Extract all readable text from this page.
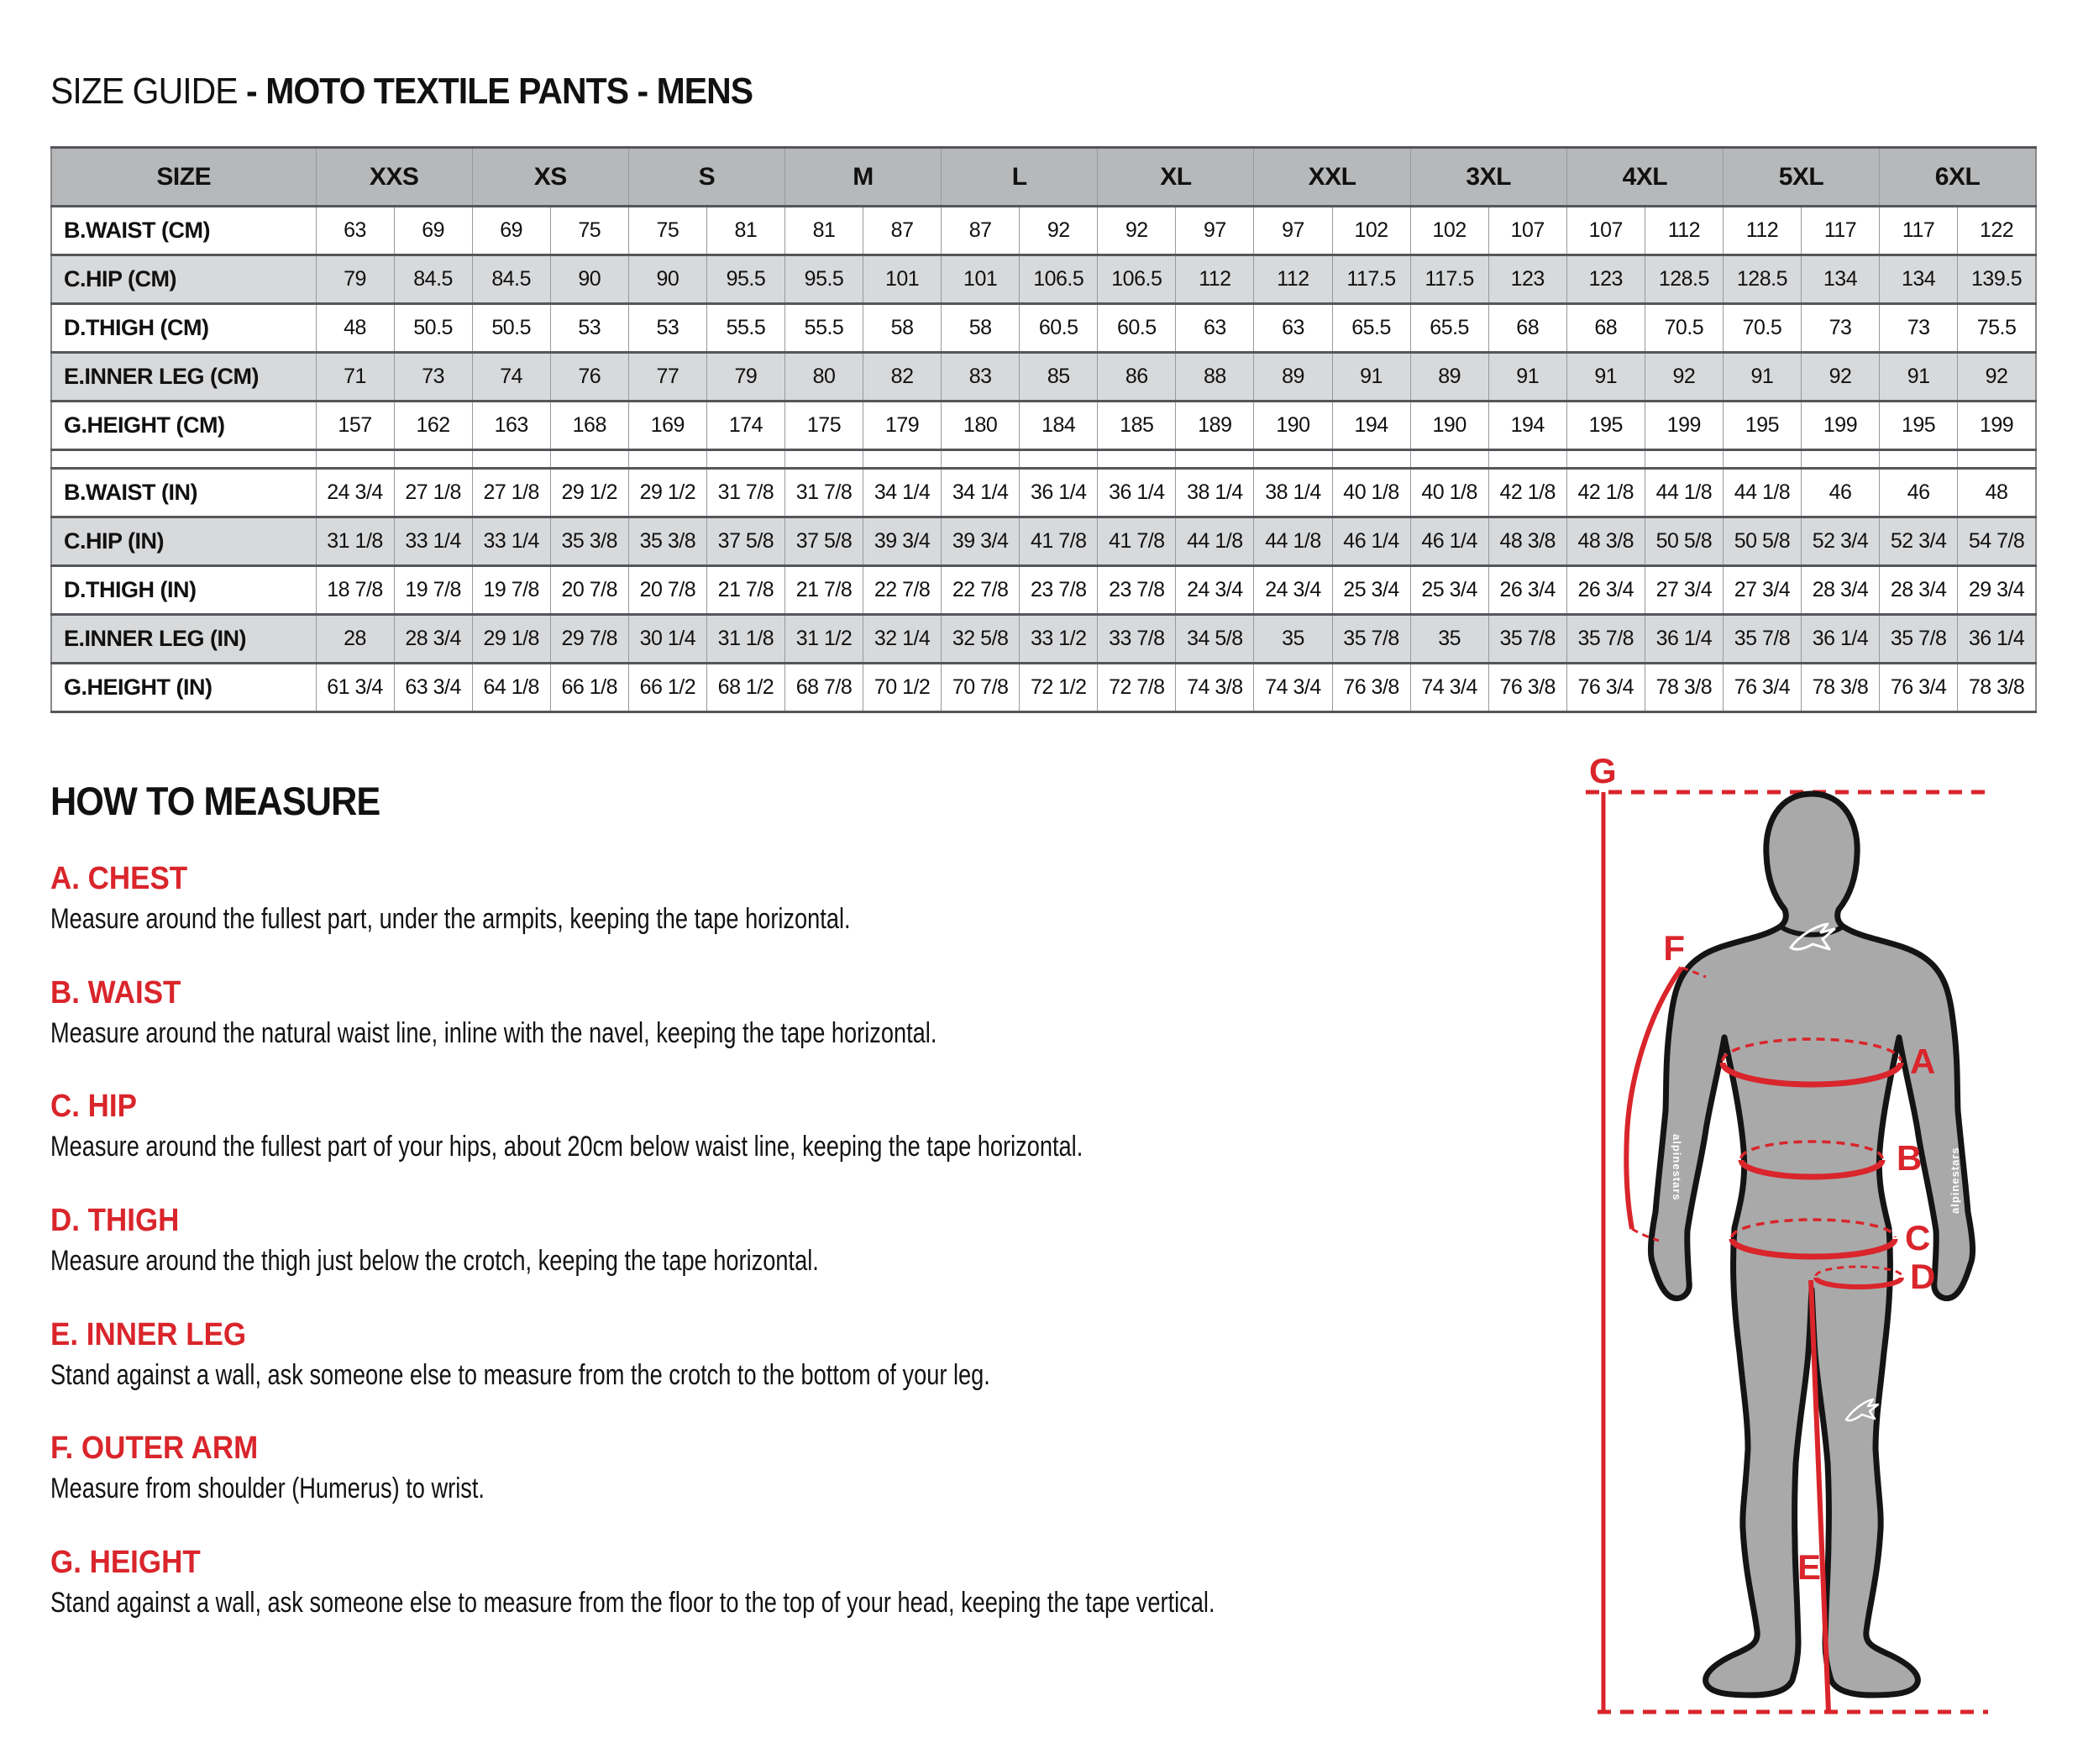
SIZE GUIDE - MOTO TEXTILE PANTS - MENS
SIZE	XXS		XS		S		M		L		XL		XXL		3XL		4XL		5XL		6XL	
B.WAIST (CM)	63	69	69	75	75	81	81	87	87	92	92	97	97	102	102	107	107	112	112	117	117	122
C.HIP (CM)	79	84.5	84.5	90	90	95.5	95.5	101	101	106.5	106.5	112	112	117.5	117.5	123	123	128.5	128.5	134	134	139.5
D.THIGH (CM)	48	50.5	50.5	53	53	55.5	55.5	58	58	60.5	60.5	63	63	65.5	65.5	68	68	70.5	70.5	73	73	75.5
E.INNER LEG (CM)	71	73	74	76	77	79	80	82	83	85	86	88	89	91	89	91	91	92	91	92	91	92
G.HEIGHT (CM)	157	162	163	168	169	174	175	179	180	184	185	189	190	194	190	194	195	199	195	199	195	199

B.WAIST (IN)	24 3/4	27 1/8	27 1/8	29 1/2	29 1/2	31 7/8	31 7/8	34 1/4	34 1/4	36 1/4	36 1/4	38 1/4	38 1/4	40 1/8	40 1/8	42 1/8	42 1/8	44 1/8	44 1/8	46	46	48
C.HIP (IN)	31 1/8	33 1/4	33 1/4	35 3/8	35 3/8	37 5/8	37 5/8	39 3/4	39 3/4	41 7/8	41 7/8	44 1/8	44 1/8	46 1/4	46 1/4	48 3/8	48 3/8	50 5/8	50 5/8	52 3/4	52 3/4	54 7/8
D.THIGH (IN)	18 7/8	19 7/8	19 7/8	20 7/8	20 7/8	21 7/8	21 7/8	22 7/8	22 7/8	23 7/8	23 7/8	24 3/4	24 3/4	25 3/4	25 3/4	26 3/4	26 3/4	27 3/4	27 3/4	28 3/4	28 3/4	29 3/4
E.INNER LEG (IN)	28	28 3/4	29 1/8	29 7/8	30 1/4	31 1/8	31 1/2	32 1/4	32 5/8	33 1/2	33 7/8	34 5/8	35	35 7/8	35	35 7/8	35 7/8	36 1/4	35 7/8	36 1/4	35 7/8	36 1/4
G.HEIGHT (IN)	61 3/4	63 3/4	64 1/8	66 1/8	66 1/2	68 1/2	68 7/8	70 1/2	70 7/8	72 1/2	72 7/8	74 3/8	74 3/4	76 3/8	74 3/4	76 3/8	76 3/4	78 3/8	76 3/4	78 3/8	76 3/4	78 3/8
HOW TO MEASURE
A. CHEST
Measure around the fullest part, under the armpits, keeping the tape horizontal.
B. WAIST
Measure around the natural waist line, inline with the navel, keeping the tape horizontal.
C. HIP
Measure around the fullest part of your hips, about 20cm below waist line, keeping the tape horizontal.
D. THIGH
Measure around the thigh just below the crotch, keeping the tape horizontal.
E. INNER LEG
Stand against a wall, ask someone else to measure from the crotch to the bottom of your leg.
F. OUTER ARM
Measure from shoulder (Humerus) to wrist.
G. HEIGHT
Stand against a wall, ask someone else to measure from the floor to the top of your head, keeping the tape vertical.
alpinestars	alpinestars
G
F
A
B
C
D
E
